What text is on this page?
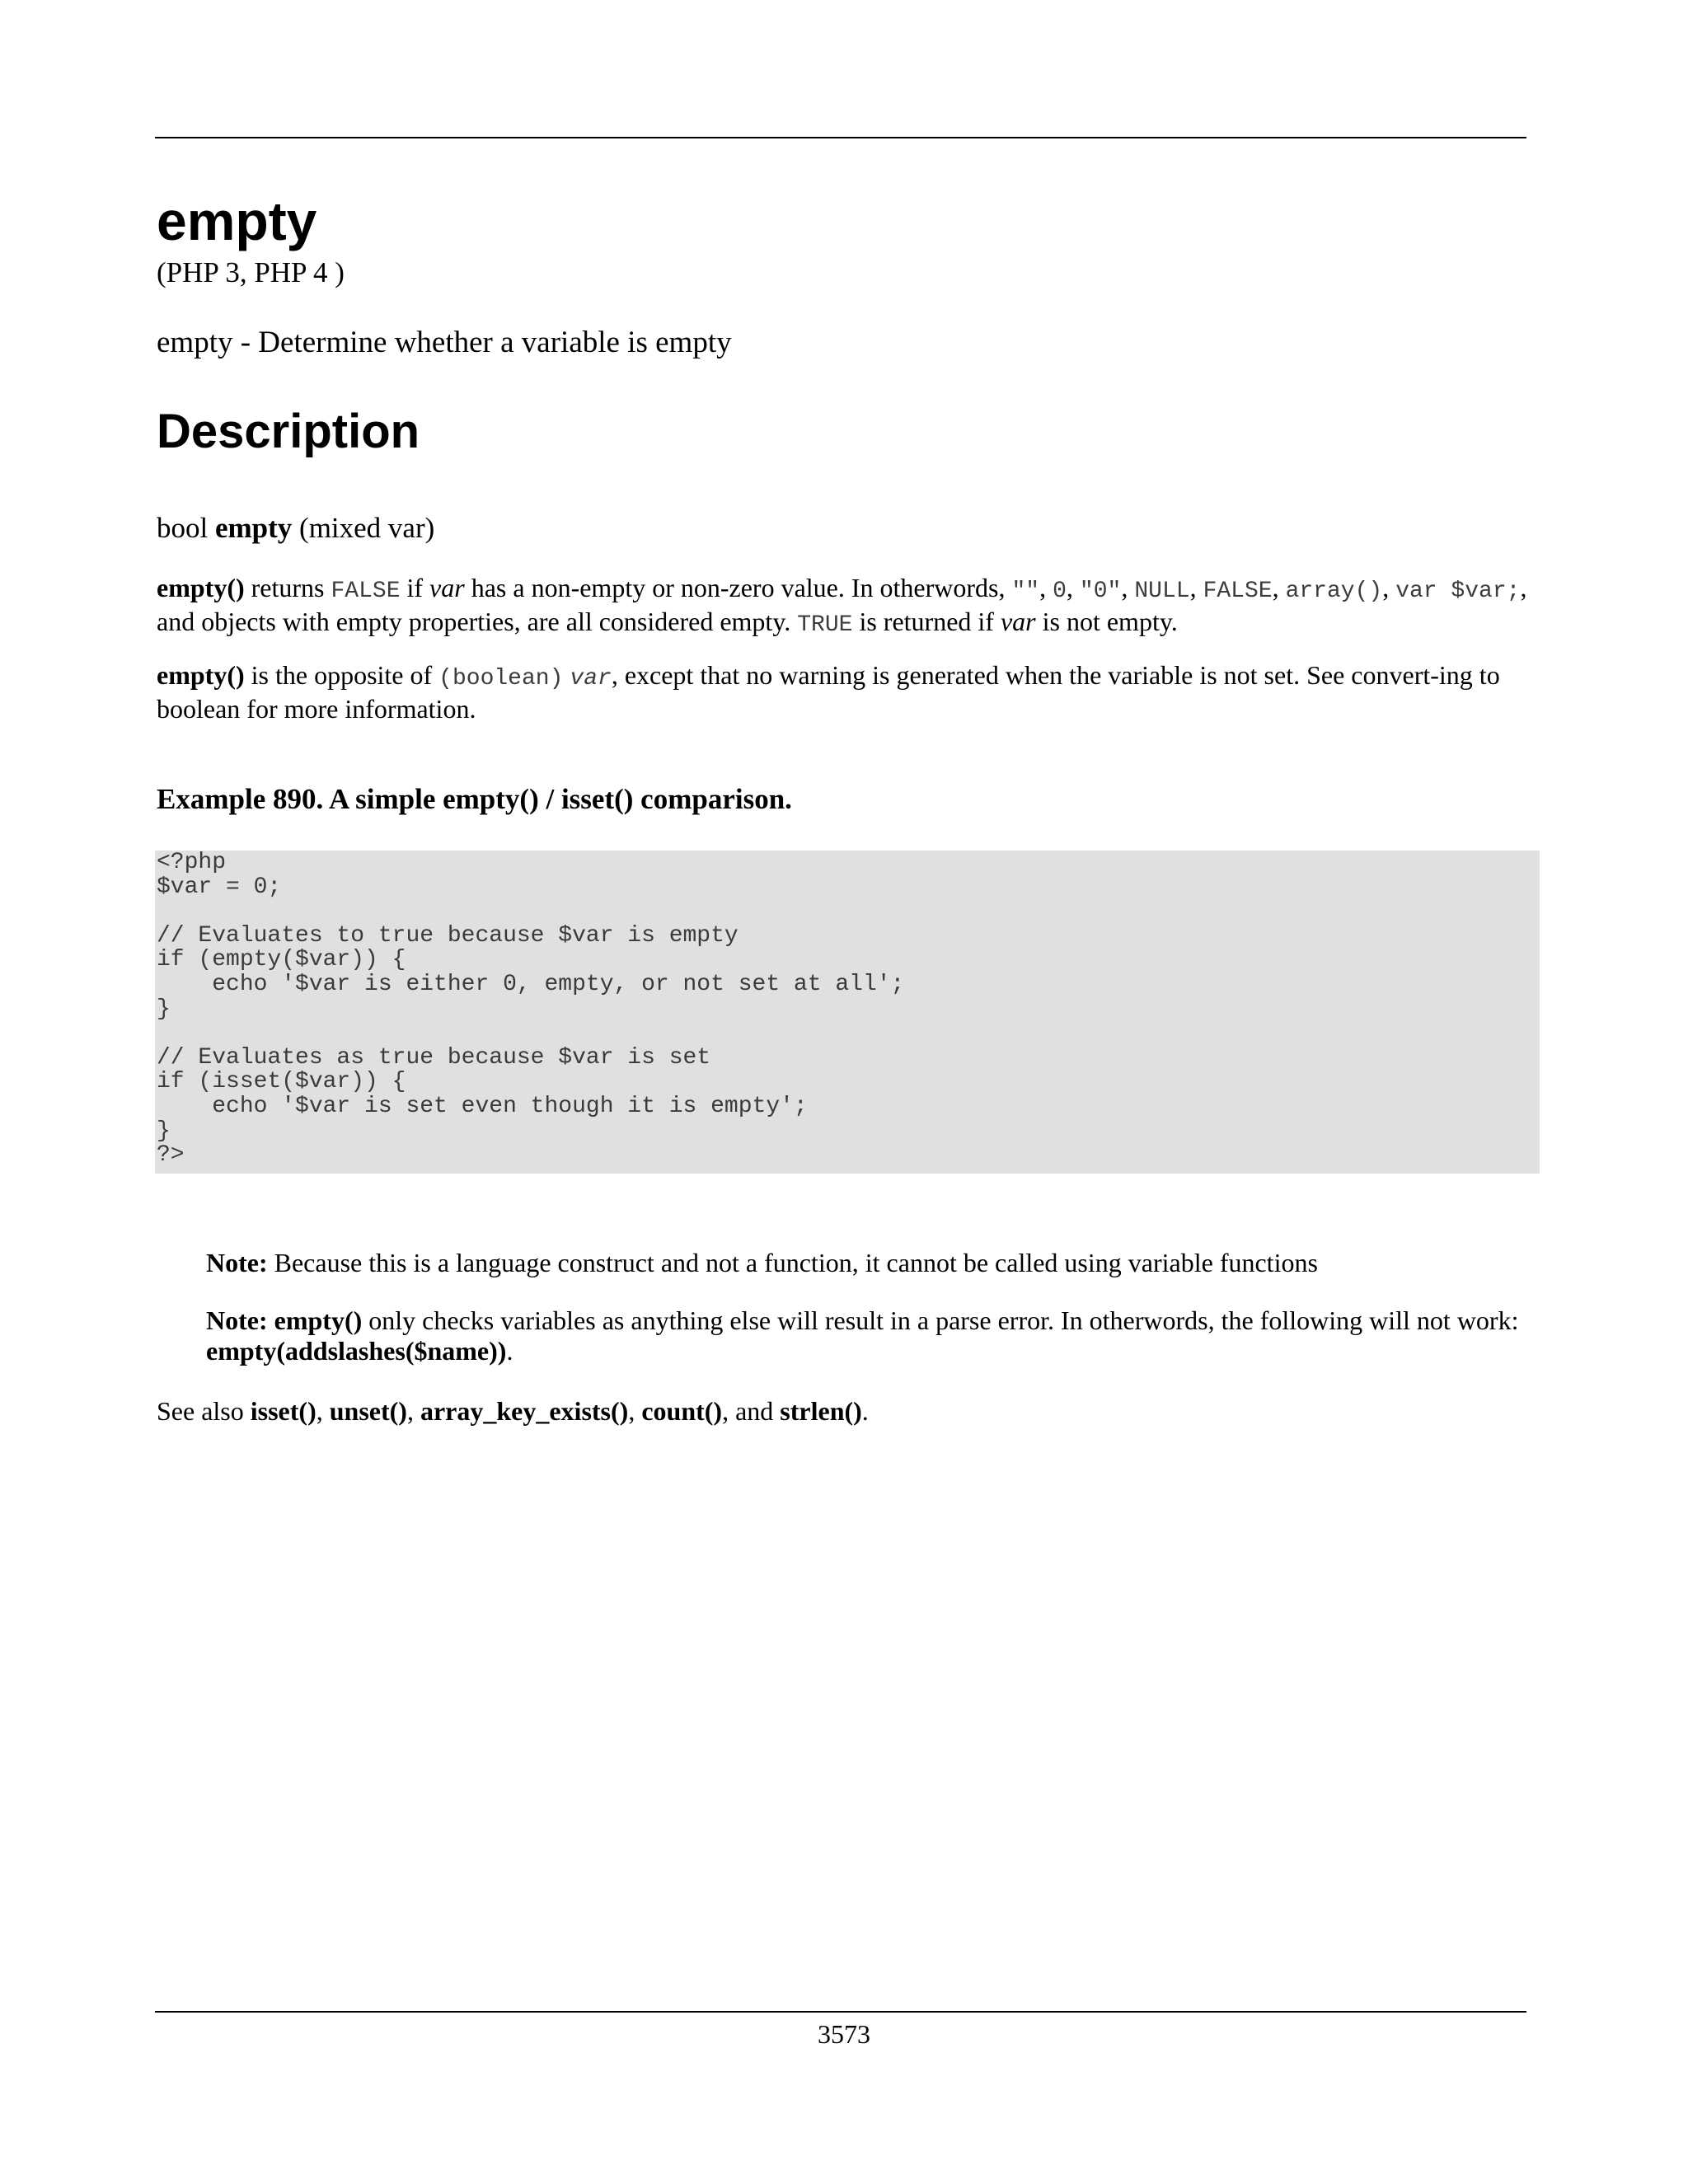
empty
(PHP 3, PHP 4 )
empty - Determine whether a variable is empty
Description
bool empty (mixed var)
empty() returns FALSE if var has a non-empty or non-zero value. In otherwords, "", 0, "0", NULL, FALSE, array(), var $var;, and objects with empty properties, are all considered empty. TRUE is returned if var is not empty.
empty() is the opposite of (boolean) var, except that no warning is generated when the variable is not set. See convert-ing to boolean for more information.
Example 890. A simple empty() / isset() comparison.
<?php
$var = 0;

// Evaluates to true because $var is empty
if (empty($var)) {
echo '$var is either 0, empty, or not set at all';
}

// Evaluates as true because $var is set
if (isset($var)) {
echo '$var is set even though it is empty';
}
?>
Note: Because this is a language construct and not a function, it cannot be called using variable functions
Note: empty() only checks variables as anything else will result in a parse error. In otherwords, the following will not work: empty(addslashes($name)).
See also isset(), unset(), array_key_exists(), count(), and strlen().
3573
